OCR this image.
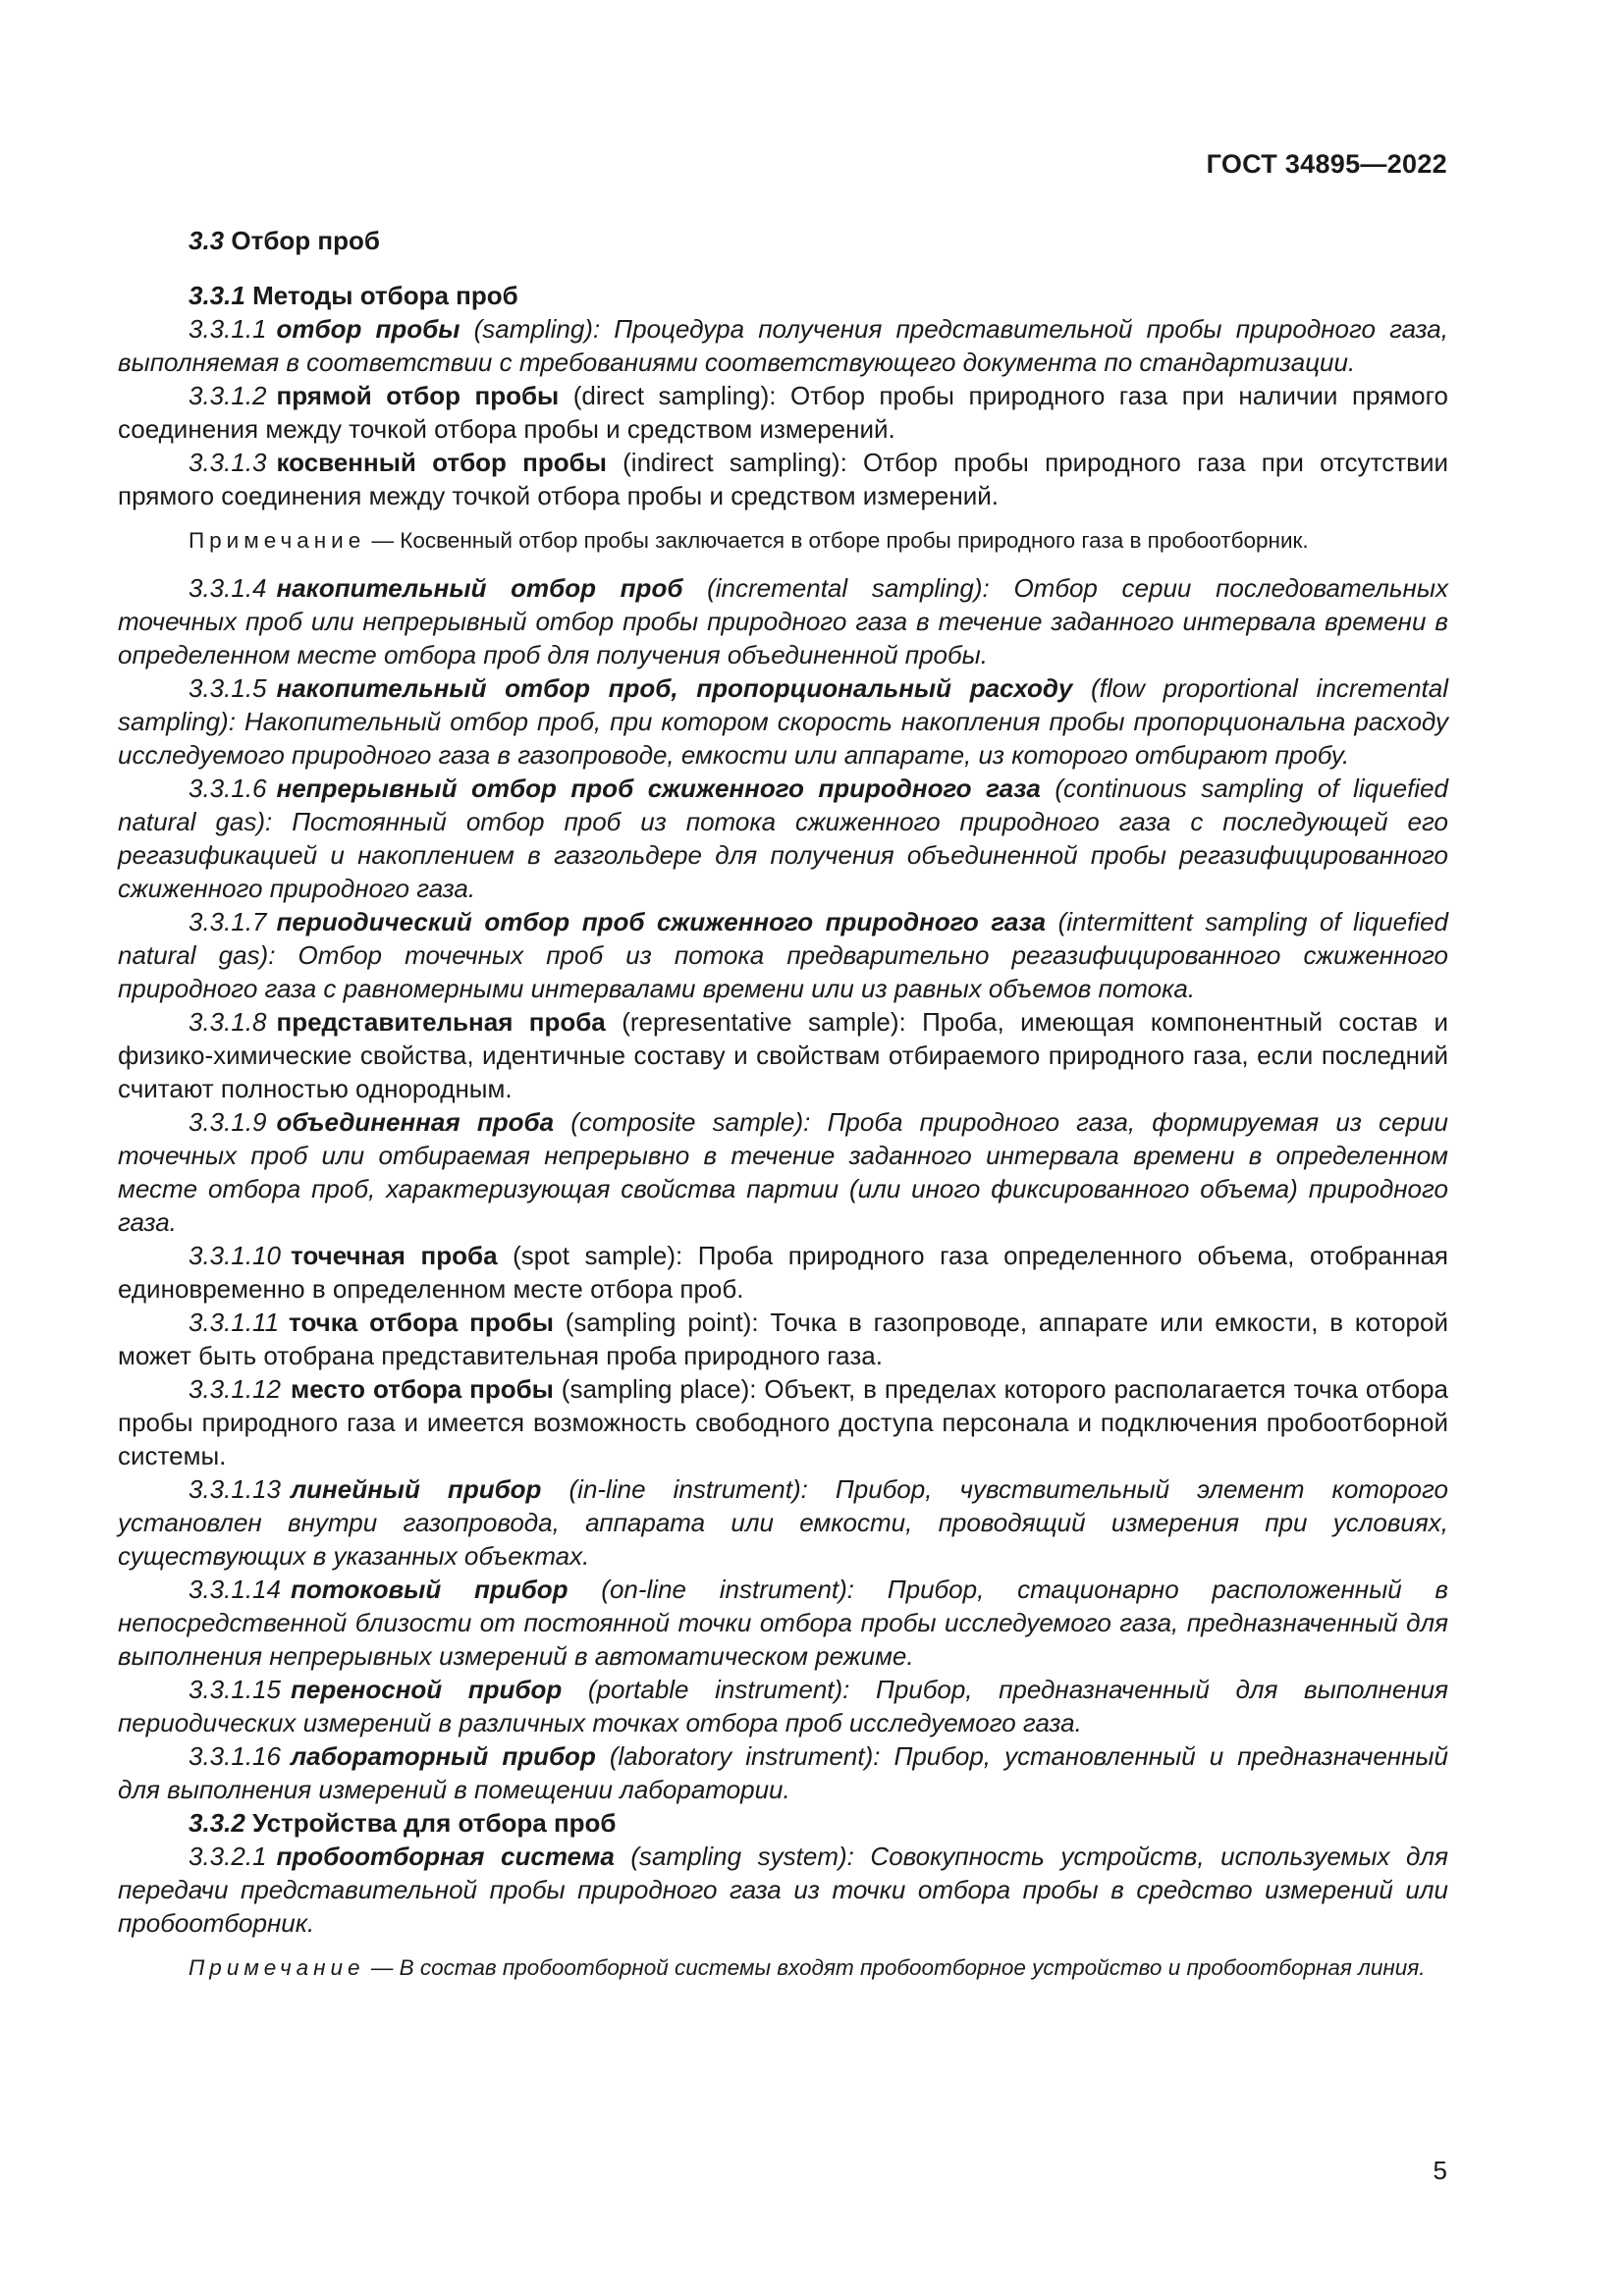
ГОСТ 34895—2022
3.3 Отбор проб
3.3.1 Методы отбора проб

3.3.1.1 отбор пробы (sampling): Процедура получения представительной пробы природного газа, выполняемая в соответствии с требованиями соответствующего документа по стандартизации.

3.3.1.2 прямой отбор пробы (direct sampling): Отбор пробы природного газа при наличии прямого соединения между точкой отбора пробы и средством измерений.

3.3.1.3 косвенный отбор пробы (indirect sampling): Отбор пробы природного газа при отсутствии прямого соединения между точкой отбора пробы и средством измерений.

Примечание — Косвенный отбор пробы заключается в отборе пробы природного газа в пробоотборник.

3.3.1.4 накопительный отбор проб (incremental sampling): Отбор серии последовательных точечных проб или непрерывный отбор пробы природного газа в течение заданного интервала времени в определенном месте отбора проб для получения объединенной пробы.

3.3.1.5 накопительный отбор проб, пропорциональный расходу (flow proportional incremental sampling): Накопительный отбор проб, при котором скорость накопления пробы пропорциональна расходу исследуемого природного газа в газопроводе, емкости или аппарате, из которого отбирают пробу.

3.3.1.6 непрерывный отбор проб сжиженного природного газа (continuous sampling of liquefied natural gas): Постоянный отбор проб из потока сжиженного природного газа с последующей его регазификацией и накоплением в газгольдере для получения объединенной пробы регазифицированного сжиженного природного газа.

3.3.1.7 периодический отбор проб сжиженного природного газа (intermittent sampling of liquefied natural gas): Отбор точечных проб из потока предварительно регазифицированного сжиженного природного газа с равномерными интервалами времени или из равных объемов потока.

3.3.1.8 представительная проба (representative sample): Проба, имеющая компонентный состав и физико-химические свойства, идентичные составу и свойствам отбираемого природного газа, если последний считают полностью однородным.

3.3.1.9 объединенная проба (composite sample): Проба природного газа, формируемая из серии точечных проб или отбираемая непрерывно в течение заданного интервала времени в определенном месте отбора проб, характеризующая свойства партии (или иного фиксированного объема) природного газа.

3.3.1.10 точечная проба (spot sample): Проба природного газа определенного объема, отобранная единовременно в определенном месте отбора проб.

3.3.1.11 точка отбора пробы (sampling point): Точка в газопроводе, аппарате или емкости, в которой может быть отобрана представительная проба природного газа.

3.3.1.12 место отбора пробы (sampling place): Объект, в пределах которого располагается точка отбора пробы природного газа и имеется возможность свободного доступа персонала и подключения пробоотборной системы.

3.3.1.13 линейный прибор (in-line instrument): Прибор, чувствительный элемент которого установлен внутри газопровода, аппарата или емкости, проводящий измерения при условиях, существующих в указанных объектах.

3.3.1.14 потоковый прибор (on-line instrument): Прибор, стационарно расположенный в непосредственной близости от постоянной точки отбора пробы исследуемого газа, предназначенный для выполнения непрерывных измерений в автоматическом режиме.

3.3.1.15 переносной прибор (portable instrument): Прибор, предназначенный для выполнения периодических измерений в различных точках отбора проб исследуемого газа.

3.3.1.16 лабораторный прибор (laboratory instrument): Прибор, установленный и предназначенный для выполнения измерений в помещении лаборатории.

3.3.2 Устройства для отбора проб

3.3.2.1 пробоотборная система (sampling system): Совокупность устройств, используемых для передачи представительной пробы природного газа из точки отбора пробы в средство измерений или пробоотборник.

Примечание — В состав пробоотборной системы входят пробоотборное устройство и пробоотборная линия.
5
